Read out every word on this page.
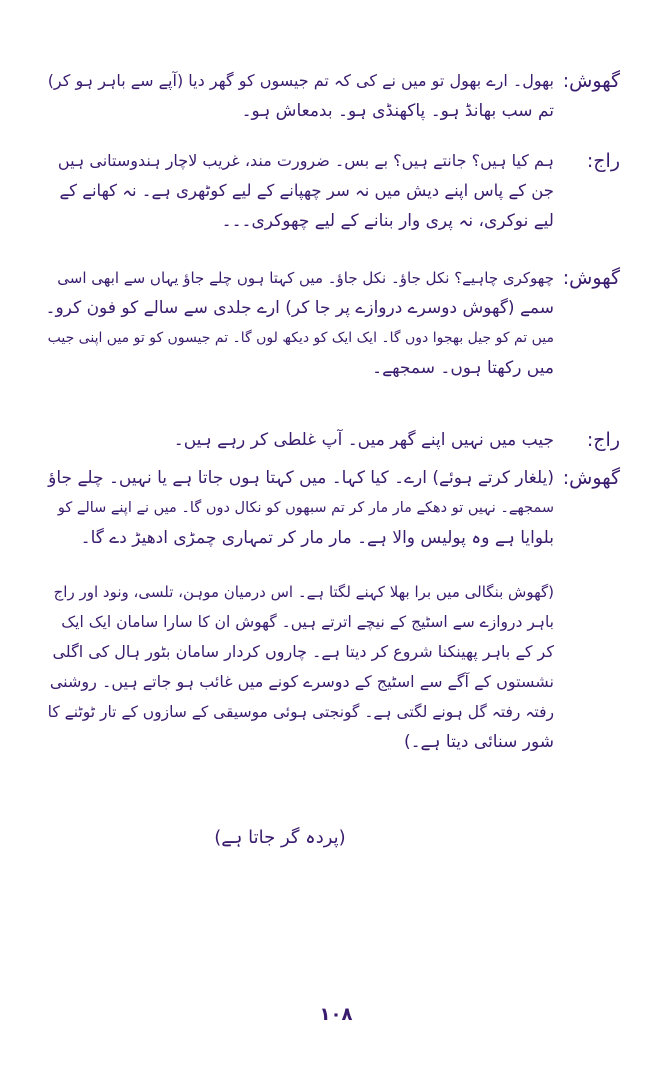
گھوش:
بھول۔ ارے بھول تو میں نے کی کہ تم جیسوں کو گھر دیا (آپے سے باہر ہو کر)
تم سب بھانڈ ہو۔ پاکھنڈی ہو۔ بدمعاش ہو۔
راج:
ہم کیا ہیں؟ جانتے ہیں؟ بے بس۔ ضرورت مند، غریب لاچار ہندوستانی ہیں
جن کے پاس اپنے دیش میں نہ سر چھپانے کے لیے کوٹھری ہے۔ نہ کھانے کے
لیے نوکری، نہ پری وار بنانے کے لیے چھوکری۔۔۔
گھوش:
چھوکری چاہیے؟ نکل جاؤ۔ نکل جاؤ۔ میں کہتا ہوں چلے جاؤ یہاں سے ابھی اسی
سمے (گھوش دوسرے دروازے پر جا کر) ارے جلدی سے سالے کو فون کرو۔
میں تم کو جیل بھجوا دوں گا۔ ایک ایک کو دیکھ لوں گا۔ تم جیسوں کو تو میں اپنی جیب
میں رکھتا ہوں۔ سمجھے۔
راج:
جیب میں نہیں اپنے گھر میں۔ آپ غلطی کر رہے ہیں۔
گھوش:
(یلغار کرتے ہوئے) ارے۔ کیا کہا۔ میں کہتا ہوں جاتا ہے یا نہیں۔ چلے جاؤ
سمجھے۔ نہیں تو دھکے مار مار کر تم سبھوں کو نکال دوں گا۔ میں نے اپنے سالے کو
بلوایا ہے وہ پولیس والا ہے۔ مار مار کر تمہاری چمڑی ادھیڑ دے گا۔
(گھوش بنگالی میں برا بھلا کہنے لگتا ہے۔ اس درمیان موہن، تلسی، ونود اور راج
باہر دروازے سے اسٹیج کے نیچے اترتے ہیں۔ گھوش ان کا سارا سامان ایک ایک
کر کے باہر پھینکنا شروع کر دیتا ہے۔ چاروں کردار سامان بٹور ہال کی اگلی
نشستوں کے آگے سے اسٹیج کے دوسرے کونے میں غائب ہو جاتے ہیں۔ روشنی
رفتہ رفتہ گل ہونے لگتی ہے۔ گونجتی ہوئی موسیقی کے سازوں کے تار ٹوٹنے کا
شور سنائی دیتا ہے۔)
(پردہ گر جاتا ہے)
۱۰۸
